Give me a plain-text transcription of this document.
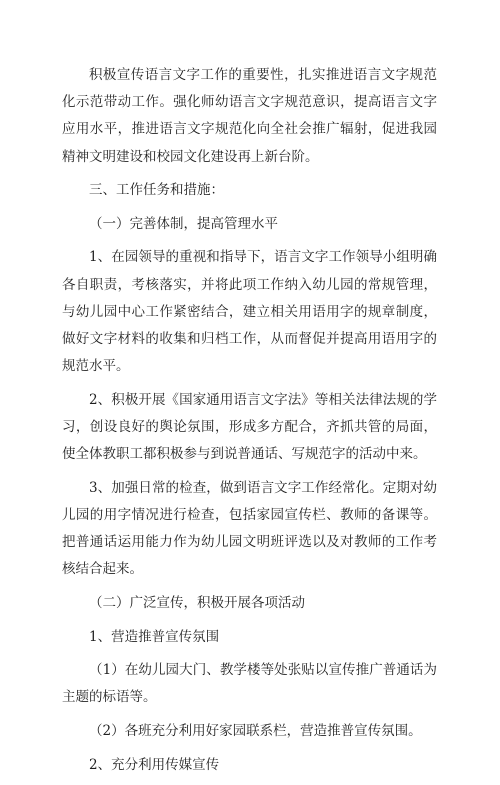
积极宣传语言文字工作的重要性，扎实推进语言文字规范化示范带动工作。强化师幼语言文字规范意识，提高语言文字应用水平，推进语言文字规范化向全社会推广辐射，促进我园精神文明建设和校园文化建设再上新台阶。

三、工作任务和措施：

（一）完善体制，提高管理水平

1、在园领导的重视和指导下，语言文字工作领导小组明确各自职责，考核落实，并将此项工作纳入幼儿园的常规管理，与幼儿园中心工作紧密结合，建立相关用语用字的规章制度，做好文字材料的收集和归档工作，从而督促并提高用语用字的规范水平。

2、积极开展《国家通用语言文字法》等相关法律法规的学习，创设良好的舆论氛围，形成多方配合，齐抓共管的局面，使全体教职工都积极参与到说普通话、写规范字的活动中来。

3、加强日常的检查，做到语言文字工作经常化。定期对幼儿园的用字情况进行检查，包括家园宣传栏、教师的备课等。把普通话运用能力作为幼儿园文明班评选以及对教师的工作考核结合起来。

（二）广泛宣传，积极开展各项活动

1、营造推普宣传氛围

（1）在幼儿园大门、教学楼等处张贴以宣传推广普通话为主题的标语等。

（2）各班充分利用好家园联系栏，营造推普宣传氛围。

2、充分利用传媒宣传
